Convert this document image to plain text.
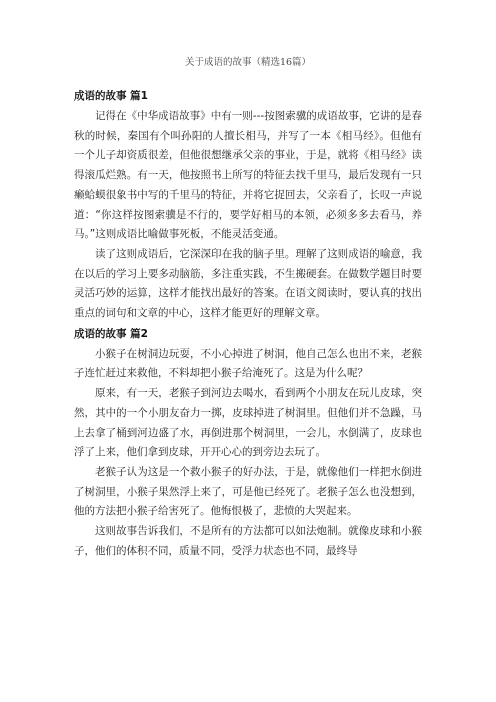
关于成语的故事（精选16篇）
成语的故事 篇1

记得在《中华成语故事》中有一则---按图索骥的成语故事，它讲的是春秋的时候，秦国有个叫孙阳的人擅长相马，并写了一本《相马经》。但他有一个儿子却资质很差，但他很想继承父亲的事业，于是，就将《相马经》读得滚瓜烂熟。有一天，他按照书上所写的特征去找千里马，最后发现有一只癞蛤蟆很象书中写的千里马的特征，并将它捉回去，父亲看了，长叹一声说道：“你这样按图索骥是不行的，要学好相马的本领，必须多多去看马，养马。”这则成语比喻做事死板，不能灵活变通。

读了这则成语后，它深深印在我的脑子里。理解了这则成语的喻意，我在以后的学习上要多动脑筋，多注重实践，不生搬硬套。在做数学题目时要灵活巧妙的运算，这样才能找出最好的答案。在语文阅读时，要认真的找出重点的词句和文章的中心，这样才能更好的理解文章。

成语的故事 篇2

小猴子在树洞边玩耍，不小心掉进了树洞，他自己怎么也出不来，老猴子连忙赶过来救他，不料却把小猴子给淹死了。这是为什么呢？

原来，有一天，老猴子到河边去喝水，看到两个小朋友在玩儿皮球，突然，其中的一个小朋友奋力一掷，皮球掉进了树洞里。但他们并不急躁，马上去拿了桶到河边盛了水，再倒进那个树洞里，一会儿，水倒满了，皮球也浮了上来，他们拿到皮球，开开心心的到旁边去玩了。

老猴子认为这是一个救小猴子的好办法，于是，就像他们一样把水倒进了树洞里，小猴子果然浮上来了，可是他已经死了。老猴子怎么也没想到，他的方法把小猴子给害死了。他悔恨极了，悲愤的大哭起来。

这则故事告诉我们，不是所有的方法都可以如法炮制。就像皮球和小猴子，他们的体积不同，质量不同，受浮力状态也不同，最终导
